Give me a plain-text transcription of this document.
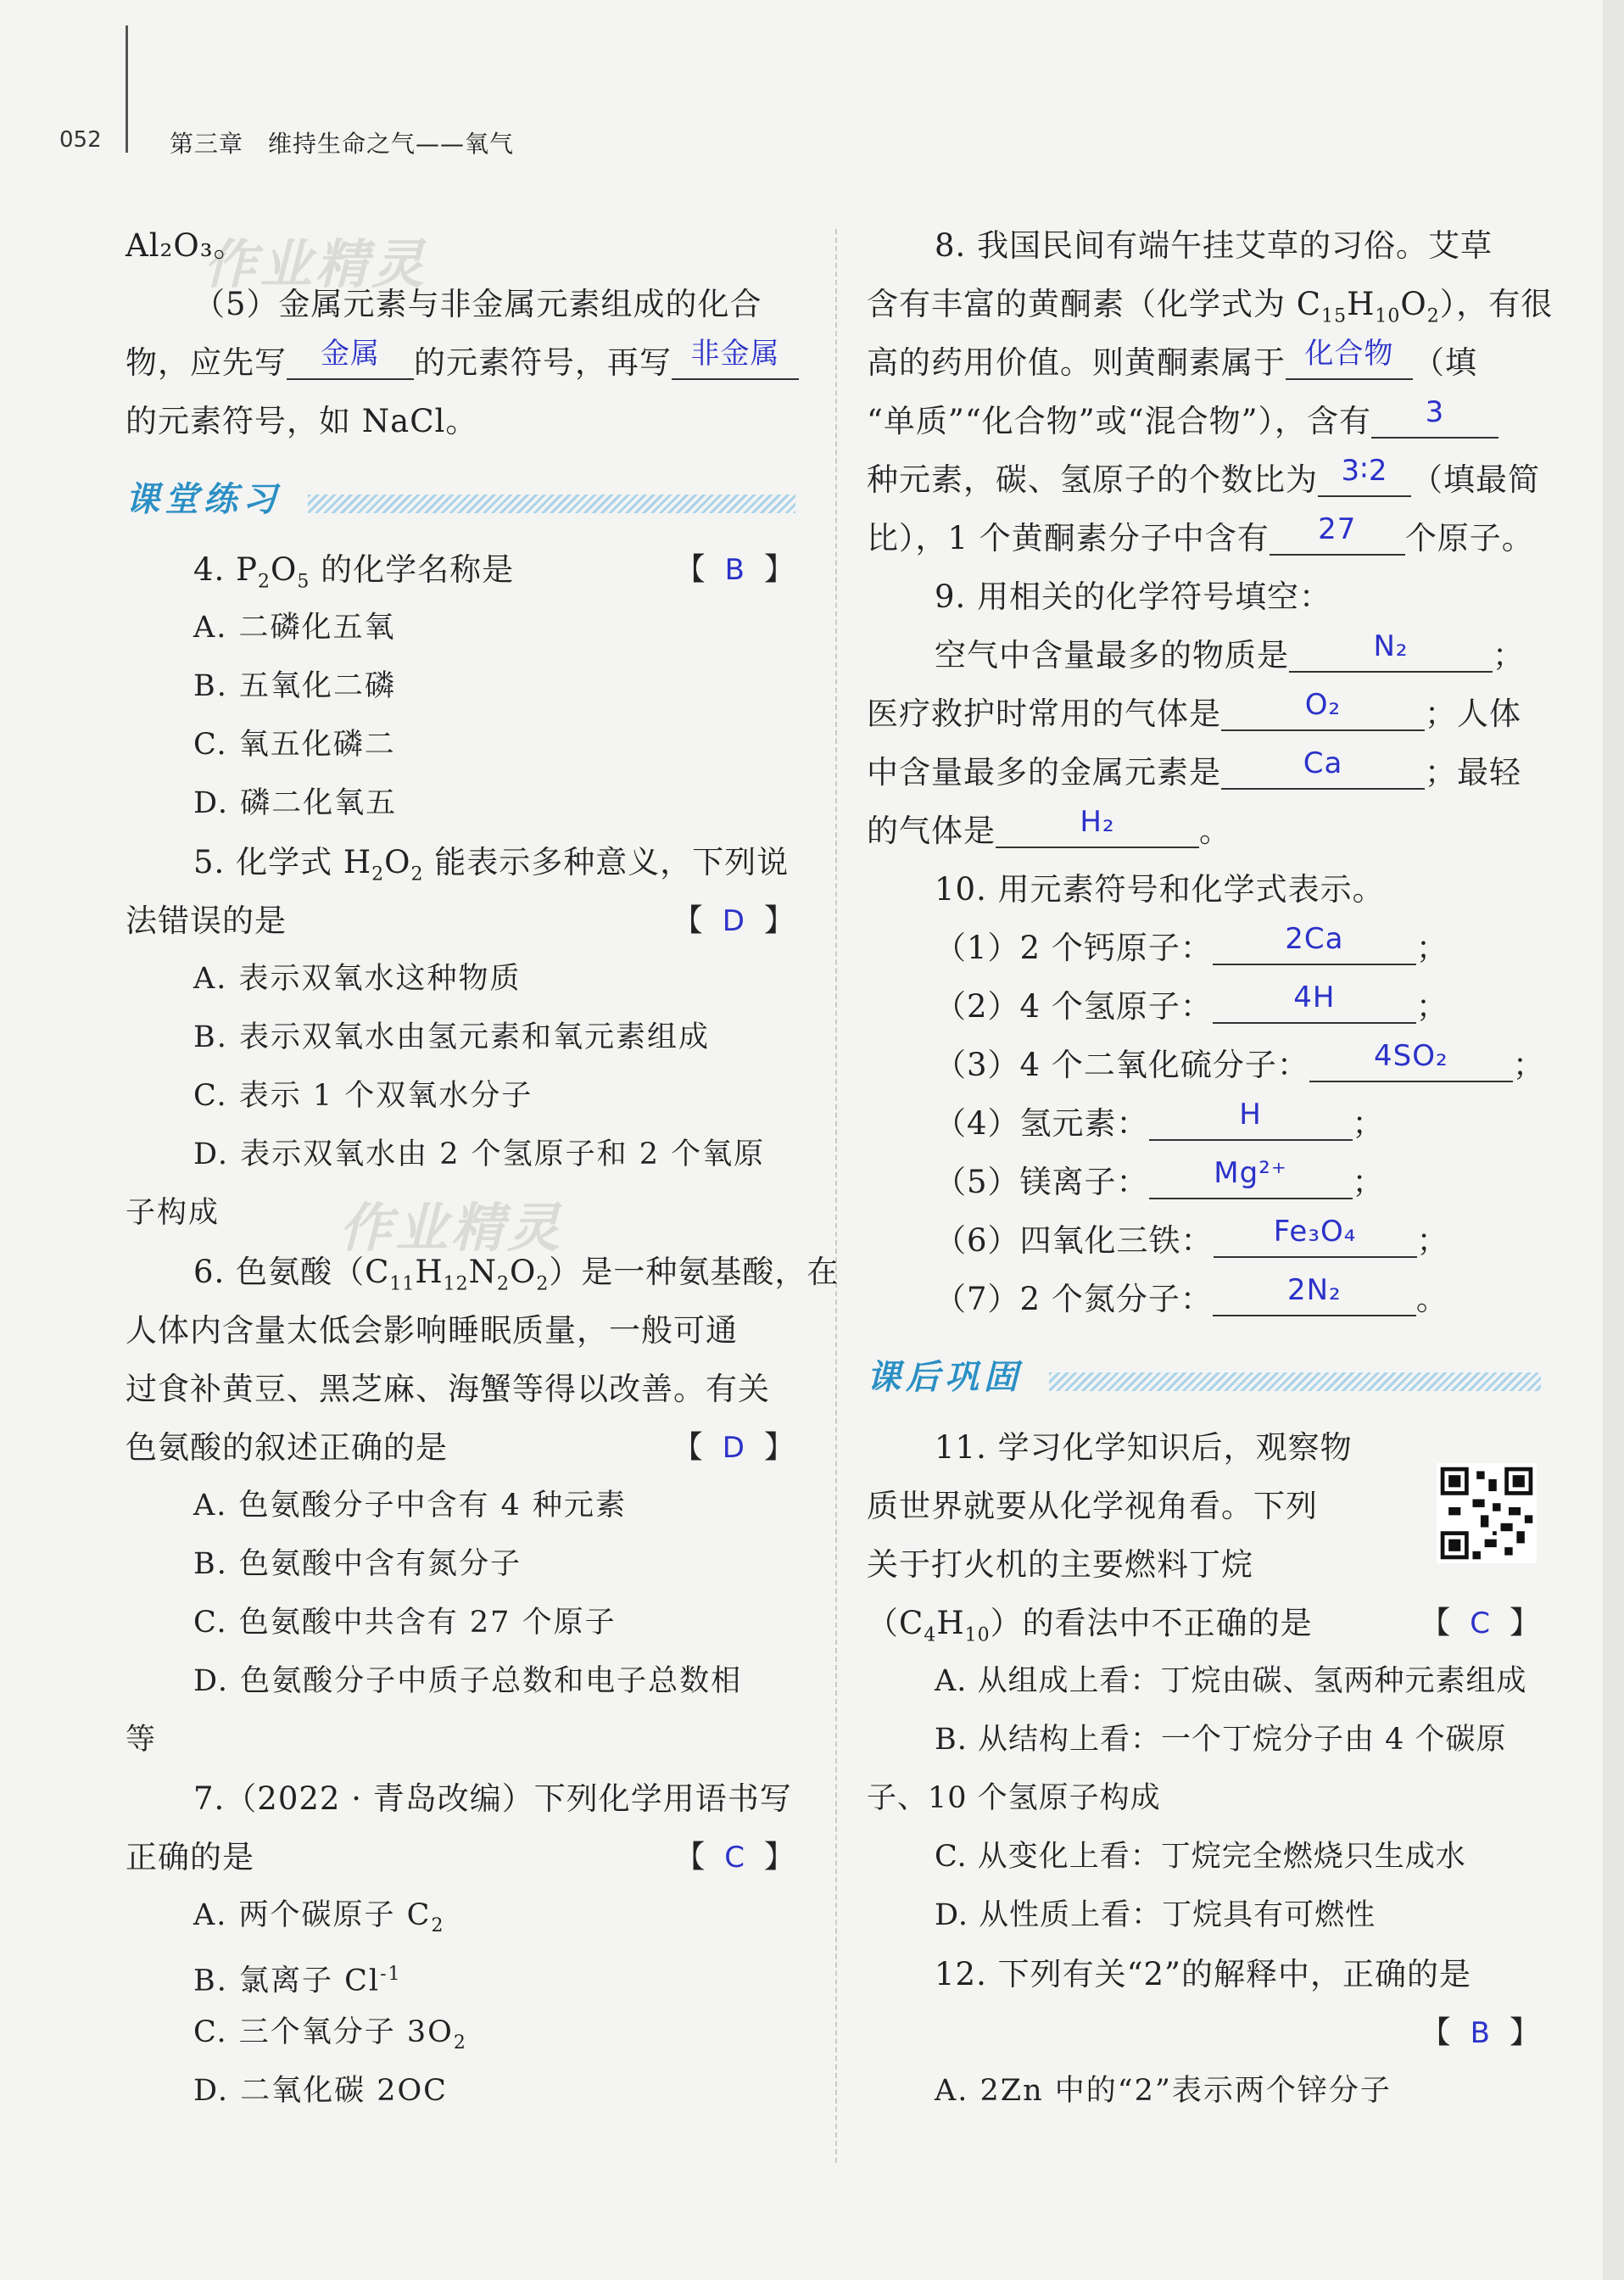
052	第三章　维持生命之气——氧气
作业精灵
作业精灵

Al₂O₃。

（5）金属元素与非金属元素组成的化合

物，应先写 金属 的元素符号，再写 非金属

的元素符号，如 NaCl。

课堂练习

4. $P_2O_5$ 的化学名称是	【 B 】

A. 二磷化五氧

B. 五氧化二磷

C. 氧五化磷二

D. 磷二化氧五

5. 化学式 $H_2O_2$ 能表示多种意义，下列说

法错误的是	【 D 】

A. 表示双氧水这种物质

B. 表示双氧水由氢元素和氧元素组成

C. 表示 1 个双氧水分子

D. 表示双氧水由 2 个氢原子和 2 个氧原

子构成

6. 色氨酸$(C_{11}H_{12}N_2O_2)$是一种氨基酸，在

人体内含量太低会影响睡眠质量，一般可通

过食补黄豆、黑芝麻、海蟹等得以改善。有关

色氨酸的叙述正确的是	【 D 】

A. 色氨酸分子中含有 4 种元素

B. 色氨酸中含有氮分子

C. 色氨酸中共含有 27 个原子

D. 色氨酸分子中质子总数和电子总数相

等

7.（2022 · 青岛改编）下列化学用语书写

正确的是	【 C 】

A. 两个碳原子 $C_2$

B. 氯离子 $Cl^{-1}$

C. 三个氧分子 $3O_2$

D. 二氧化碳 2OC

8. 我国民间有端午挂艾草的习俗。艾草

含有丰富的黄酮素（化学式为 $C_{15}H_{10}O_2$），有很

高的药用价值。则黄酮素属于 化合物 （填

“单质”“化合物”或“混合物”），含有 3

种元素，碳、氢原子的个数比为 3∶2 （填最简

比），1 个黄酮素分子中含有 27 个原子。

9. 用相关的化学符号填空：

空气中含量最多的物质是	N₂	；

医疗救护时常用的气体是	O₂	；人体

中含量最多的金属元素是	Ca	；最轻

的气体是	H₂	。

10. 用元素符号和化学式表示。

（1）2 个钙原子：	2Ca ；

（2）4 个氢原子：	4H	；

（3）4 个二氧化硫分子： 4SO₂ ；

（4）氢元素：	H	；

（5）镁离子： Mg²⁺ ；

（6）四氧化三铁： Fe₃O₄ ；

（7）2 个氮分子：	2N₂ 。

课后巩固

11. 学习化学知识后，观察物

质世界就要从化学视角看。下列

关于打火机的主要燃料丁烷

$(C_4H_{10})$的看法中不正确的是	【 C 】

A. 从组成上看：丁烷由碳、氢两种元素组成

B. 从结构上看：一个丁烷分子由 4 个碳原

子、10 个氢原子构成

C. 从变化上看：丁烷完全燃烧只生成水

D. 从性质上看：丁烷具有可燃性

12. 下列有关“2”的解释中，正确的是

【 B 】

A. 2Zn 中的“2”表示两个锌分子
